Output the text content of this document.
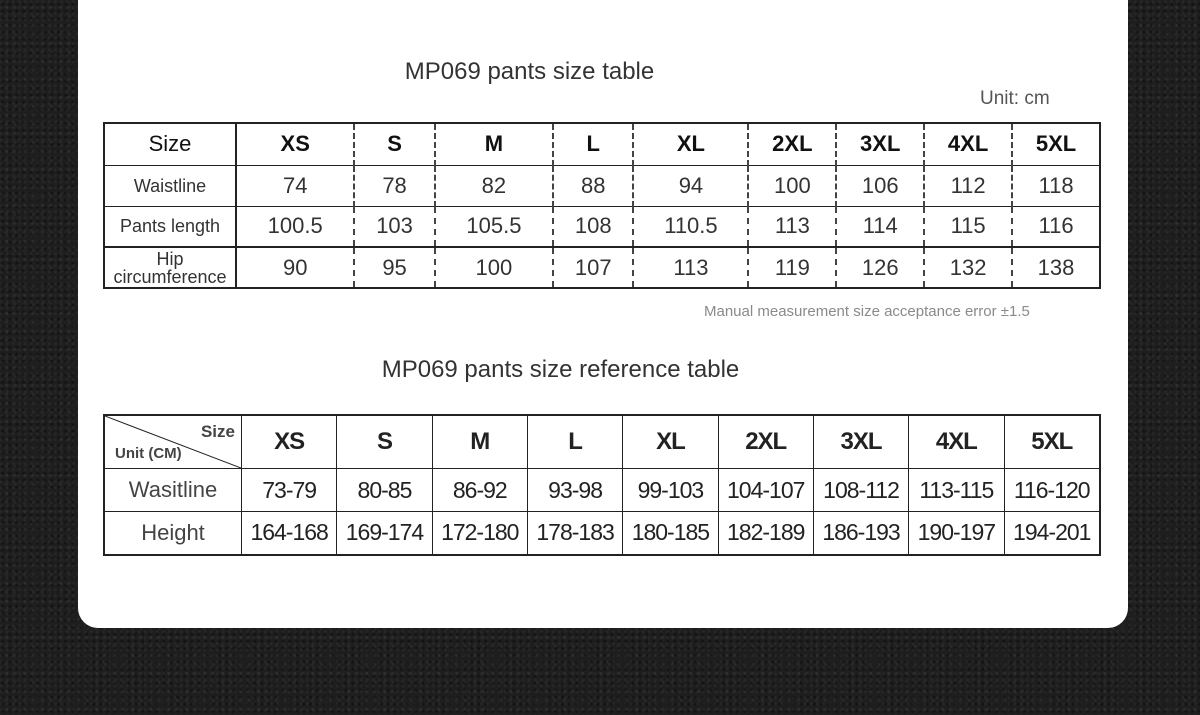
MP069 pants size table
Unit: cm
Size	XS	S	M	L	XL	2XL	3XL	4XL	5XL
Waistline	74	78	82	88	94	100	106	112	118
Pants length	100.5	103	105.5	108	110.5	113	114	115	116
Hip circumference	90	95	100	107	113	119	126	132	138
Manual measurement size acceptance error ±1.5
MP069 pants size reference table
Size
Unit (CM)	XS	S	M	L	XL	2XL	3XL	4XL	5XL
Wasitline	73-79	80-85	86-92	93-98	99-103	104-107	108-112	113-115	116-120
Height	164-168	169-174	172-180	178-183	180-185	182-189	186-193	190-197	194-201
